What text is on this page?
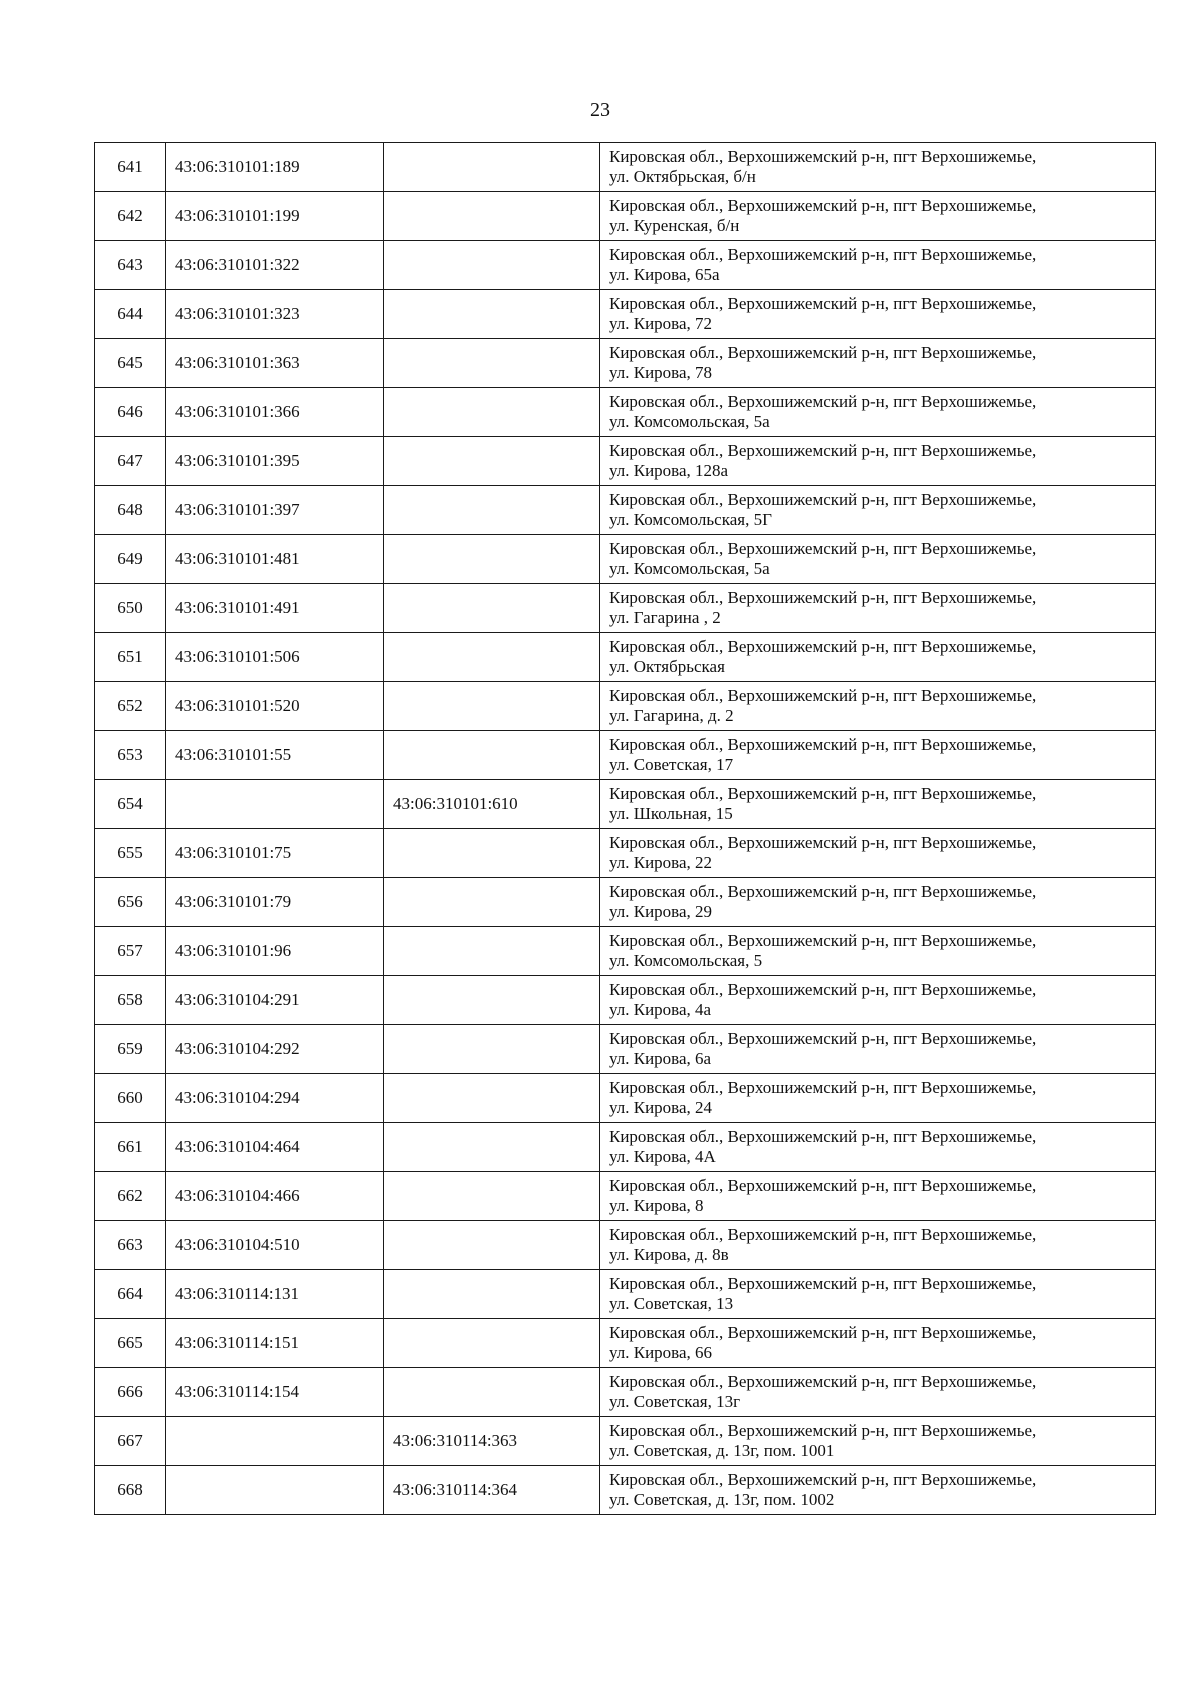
23
641	43:06:310101:189		Кировская обл., Верхошижемский р-н, пгт Верхошижемье,
ул. Октябрьская, б/н

642	43:06:310101:199		Кировская обл., Верхошижемский р-н, пгт Верхошижемье,
ул. Куренская, б/н

643	43:06:310101:322		Кировская обл., Верхошижемский р-н, пгт Верхошижемье,
ул. Кирова, 65а

644	43:06:310101:323		Кировская обл., Верхошижемский р-н, пгт Верхошижемье,
ул. Кирова, 72

645	43:06:310101:363		Кировская обл., Верхошижемский р-н, пгт Верхошижемье,
ул. Кирова, 78

646	43:06:310101:366		Кировская обл., Верхошижемский р-н, пгт Верхошижемье,
ул. Комсомольская, 5а

647	43:06:310101:395		Кировская обл., Верхошижемский р-н, пгт Верхошижемье,
ул. Кирова, 128а

648	43:06:310101:397		Кировская обл., Верхошижемский р-н, пгт Верхошижемье,
ул. Комсомольская, 5Г

649	43:06:310101:481		Кировская обл., Верхошижемский р-н, пгт Верхошижемье,
ул. Комсомольская, 5а

650	43:06:310101:491		Кировская обл., Верхошижемский р-н, пгт Верхошижемье,
ул. Гагарина , 2

651	43:06:310101:506		Кировская обл., Верхошижемский р-н, пгт Верхошижемье,
ул. Октябрьская

652	43:06:310101:520		Кировская обл., Верхошижемский р-н, пгт Верхошижемье,
ул. Гагарина, д. 2

653	43:06:310101:55		Кировская обл., Верхошижемский р-н, пгт Верхошижемье,
ул. Советская, 17

654		43:06:310101:610	Кировская обл., Верхошижемский р-н, пгт Верхошижемье,
ул. Школьная, 15

655	43:06:310101:75		Кировская обл., Верхошижемский р-н, пгт Верхошижемье,
ул. Кирова, 22

656	43:06:310101:79		Кировская обл., Верхошижемский р-н, пгт Верхошижемье,
ул. Кирова, 29

657	43:06:310101:96		Кировская обл., Верхошижемский р-н, пгт Верхошижемье,
ул. Комсомольская, 5

658	43:06:310104:291		Кировская обл., Верхошижемский р-н, пгт Верхошижемье,
ул. Кирова, 4а

659	43:06:310104:292		Кировская обл., Верхошижемский р-н, пгт Верхошижемье,
ул. Кирова, 6а

660	43:06:310104:294		Кировская обл., Верхошижемский р-н, пгт Верхошижемье,
ул. Кирова, 24

661	43:06:310104:464		Кировская обл., Верхошижемский р-н, пгт Верхошижемье,
ул. Кирова, 4А

662	43:06:310104:466		Кировская обл., Верхошижемский р-н, пгт Верхошижемье,
ул. Кирова, 8

663	43:06:310104:510		Кировская обл., Верхошижемский р-н, пгт Верхошижемье,
ул. Кирова, д. 8в

664	43:06:310114:131		Кировская обл., Верхошижемский р-н, пгт Верхошижемье,
ул. Советская, 13

665	43:06:310114:151		Кировская обл., Верхошижемский р-н, пгт Верхошижемье,
ул. Кирова, 66

666	43:06:310114:154		Кировская обл., Верхошижемский р-н, пгт Верхошижемье,
ул. Советская, 13г

667		43:06:310114:363	Кировская обл., Верхошижемский р-н, пгт Верхошижемье,
ул. Советская, д. 13г, пом. 1001

668		43:06:310114:364	Кировская обл., Верхошижемский р-н, пгт Верхошижемье,
ул. Советская, д. 13г, пом. 1002
